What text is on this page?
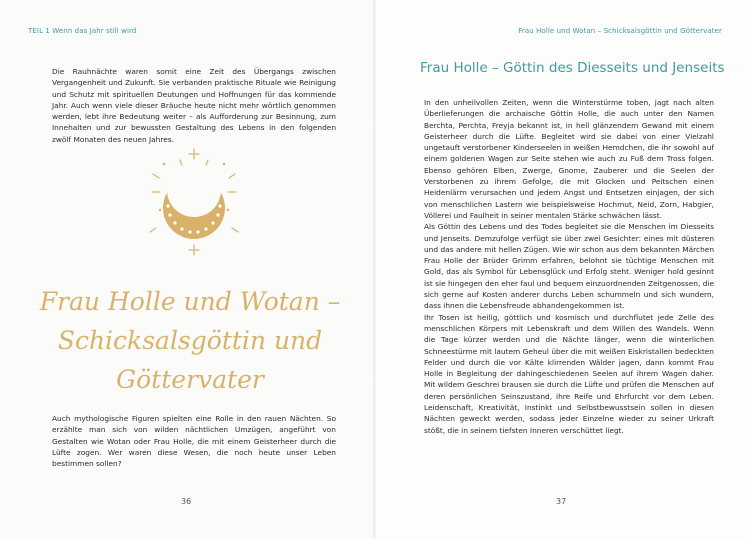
TEIL 1 Wenn das Jahr still wird

Die Rauhnächte waren somit eine Zeit des Übergangs zwischen Vergangenheit und Zukunft. Sie verbanden praktische Rituale wie Reinigung und Schutz mit spirituellen Deutungen und Hoffnungen für das kommende Jahr. Auch wenn viele dieser Bräuche heute nicht mehr wörtlich genommen werden, lebt ihre Bedeutung weiter – als Aufforderung zur Besinnung, zum Innehalten und zur bewussten Gestaltung des Lebens in den folgenden zwölf Monaten des neuen Jahres.

Frau Holle und Wotan –
Schicksalsgöttin und
Göttervater

Auch mythologische Figuren spielten eine Rolle in den rauen Nächten. So erzählte man sich von wilden nächtlichen Umzügen, angeführt von Gestalten wie Wotan oder Frau Holle, die mit einem Geisterheer durch die Lüfte zogen. Wer waren diese Wesen, die noch heute unser Leben bestimmen sollen?

36
Frau Holle und Wotan – Schicksalsgöttin und Göttervater
Frau Holle – Göttin des Diesseits und Jenseits

In den unheilvollen Zeiten, wenn die Winterstürme toben, jagt nach alten Überlieferungen die archaische Göttin Holle, die auch unter den Namen Berchta, Perchta, Freyja bekannt ist, in hell glänzendem Gewand mit einem Geisterheer durch die Lüfte. Begleitet wird sie dabei von einer Vielzahl ungetauft verstorbener Kinderseelen in weißen Hemdchen, die ihr sowohl auf einem goldenen Wagen zur Seite stehen wie auch zu Fuß dem Tross folgen. Ebenso gehören Elben, Zwerge, Gnome, Zauberer und die Seelen der Verstorbenen zu ihrem Gefolge, die mit Glocken und Peitschen einen Heidenlärm verursachen und jedem Angst und Entsetzen einjagen, der sich von menschlichen Lastern wie beispielsweise Hochmut, Neid, Zorn, Habgier, Völlerei und Faulheit in seiner mentalen Stärke schwächen lässt.

Als Göttin des Lebens und des Todes begleitet sie die Menschen im Diesseits und Jenseits. Demzufolge verfügt sie über zwei Gesichter: eines mit düsteren und das andere mit hellen Zügen. Wie wir schon aus dem bekannten Märchen Frau Holle der Brüder Grimm erfahren, belohnt sie tüchtige Menschen mit Gold, das als Symbol für Lebensglück und Erfolg steht. Weniger hold gesinnt ist sie hingegen den eher faul und bequem einzuordnenden Zeitgenossen, die sich gerne auf Kosten anderer durchs Leben schummeln und sich wundern, dass ihnen die Lebensfreude abhandengekommen ist.

Ihr Tosen ist heilig, göttlich und kosmisch und durchflutet jede Zelle des menschlichen Körpers mit Lebenskraft und dem Willen des Wandels. Wenn die Tage kürzer werden und die Nächte länger, wenn die winterlichen Schneestürme mit lautem Geheul über die mit weißen Eiskristallen bedeckten Felder und durch die vor Kälte klirrenden Wälder jagen, dann kommt Frau Holle in Begleitung der dahingeschiedenen Seelen auf ihrem Wagen daher. Mit wildem Geschrei brausen sie durch die Lüfte und prüfen die Menschen auf deren persönlichen Seinszustand, ihre Reife und Ehrfurcht vor dem Leben. Leidenschaft, Kreativität, Instinkt und Selbstbewusstsein sollen in diesen Nächten geweckt werden, sodass jeder Einzelne wieder zu seiner Urkraft stößt, die in seinem tiefsten Inneren verschüttet liegt.

37
